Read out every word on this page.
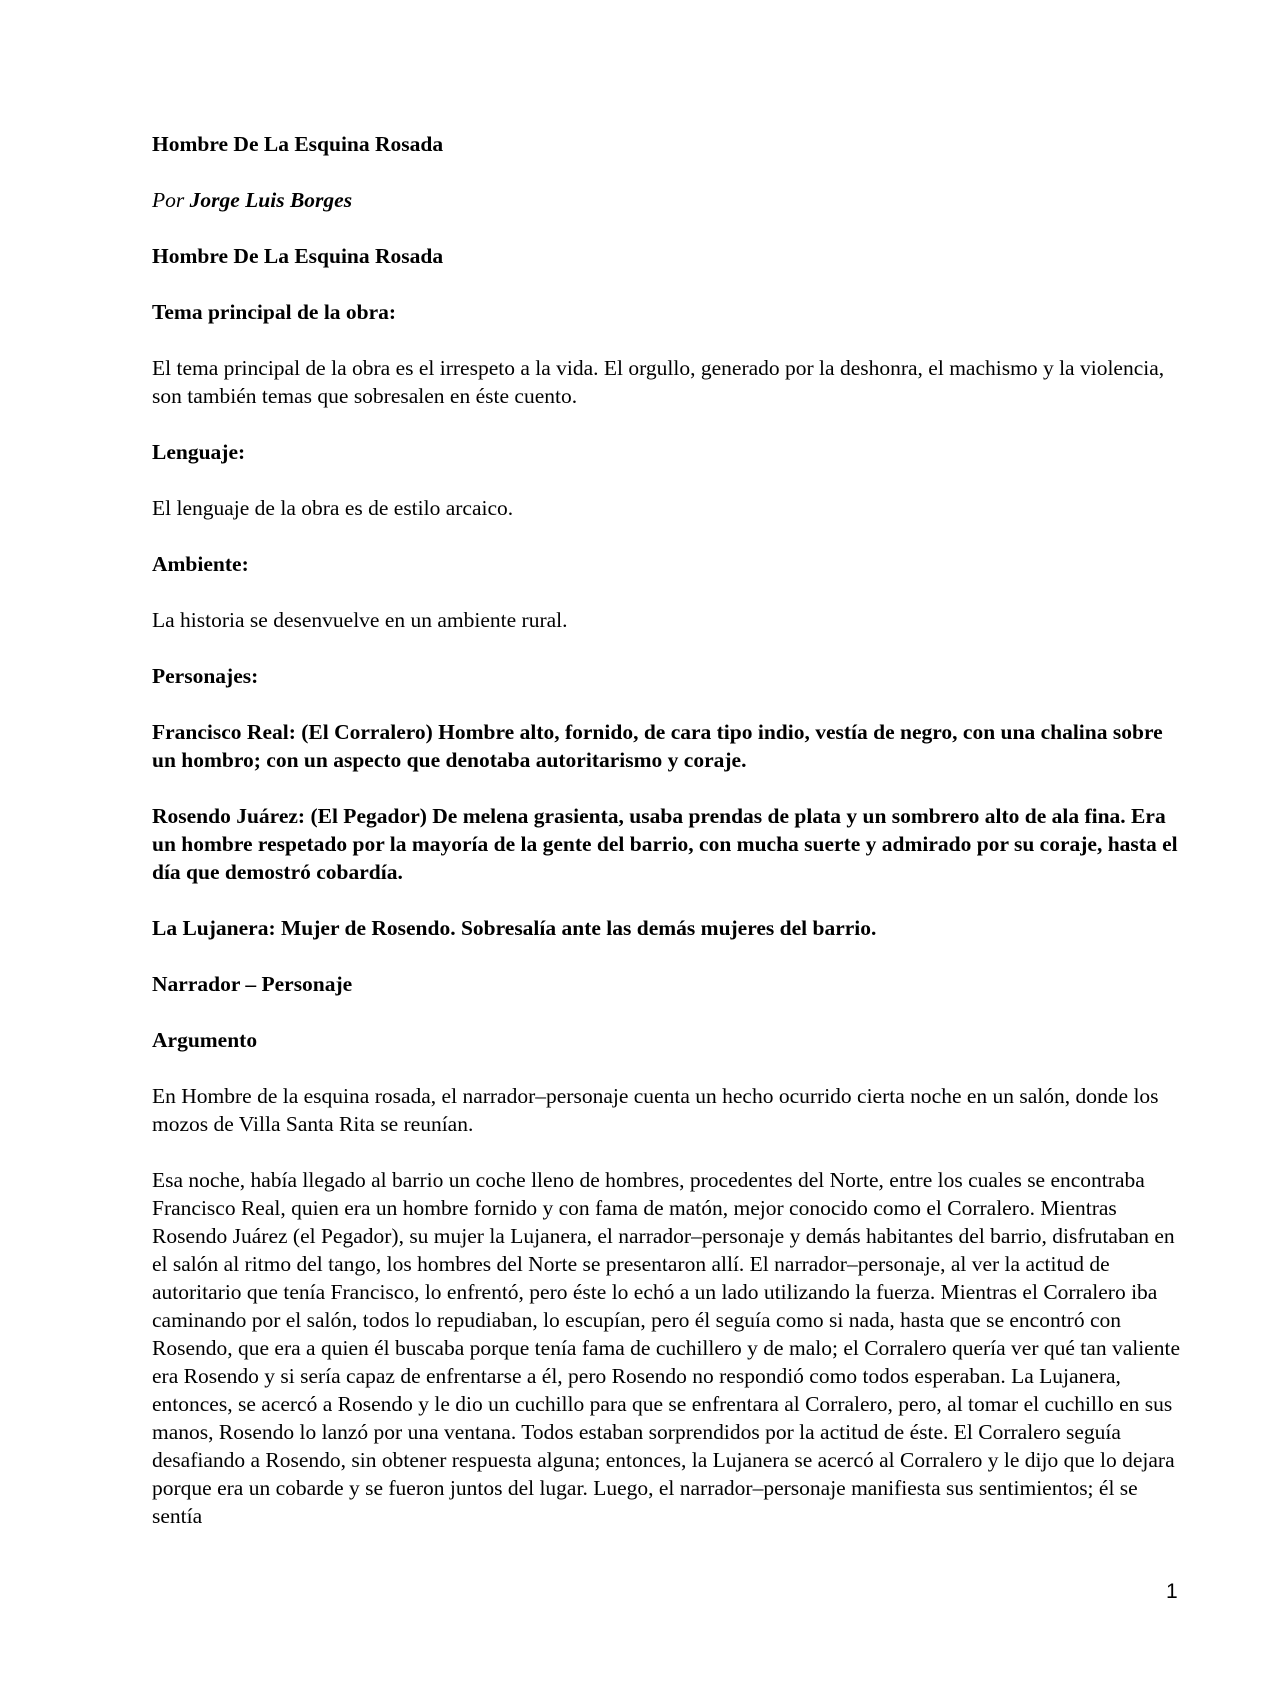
Hombre De La Esquina Rosada

Por Jorge Luis Borges

Hombre De La Esquina Rosada

Tema principal de la obra:

El tema principal de la obra es el irrespeto a la vida. El orgullo, generado por la deshonra, el machismo y la violencia, son también temas que sobresalen en éste cuento.

Lenguaje:

El lenguaje de la obra es de estilo arcaico.

Ambiente:

La historia se desenvuelve en un ambiente rural.

Personajes:

Francisco Real: (El Corralero) Hombre alto, fornido, de cara tipo indio, vestía de negro, con una chalina sobre un hombro; con un aspecto que denotaba autoritarismo y coraje.

Rosendo Juárez: (El Pegador) De melena grasienta, usaba prendas de plata y un sombrero alto de ala fina. Era un hombre respetado por la mayoría de la gente del barrio, con mucha suerte y admirado por su coraje, hasta el día que demostró cobardía.

La Lujanera: Mujer de Rosendo. Sobresalía ante las demás mujeres del barrio.

Narrador – Personaje

Argumento

En Hombre de la esquina rosada, el narrador–personaje cuenta un hecho ocurrido cierta noche en un salón, donde los mozos de Villa Santa Rita se reunían.

Esa noche, había llegado al barrio un coche lleno de hombres, procedentes del Norte, entre los cuales se encontraba Francisco Real, quien era un hombre fornido y con fama de matón, mejor conocido como el Corralero. Mientras Rosendo Juárez (el Pegador), su mujer la Lujanera, el narrador–personaje y demás habitantes del barrio, disfrutaban en el salón al ritmo del tango, los hombres del Norte se presentaron allí. El narrador–personaje, al ver la actitud de autoritario que tenía Francisco, lo enfrentó, pero éste lo echó a un lado utilizando la fuerza. Mientras el Corralero iba caminando por el salón, todos lo repudiaban, lo escupían, pero él seguía como si nada, hasta que se encontró con Rosendo, que era a quien él buscaba porque tenía fama de cuchillero y de malo; el Corralero quería ver qué tan valiente era Rosendo y si sería capaz de enfrentarse a él, pero Rosendo no respondió como todos esperaban. La Lujanera, entonces, se acercó a Rosendo y le dio un cuchillo para que se enfrentara al Corralero, pero, al tomar el cuchillo en sus manos, Rosendo lo lanzó por una ventana. Todos estaban sorprendidos por la actitud de éste. El Corralero seguía desafiando a Rosendo, sin obtener respuesta alguna; entonces, la Lujanera se acercó al Corralero y le dijo que lo dejara porque era un cobarde y se fueron juntos del lugar. Luego, el narrador–personaje manifiesta sus sentimientos; él se sentía

1
